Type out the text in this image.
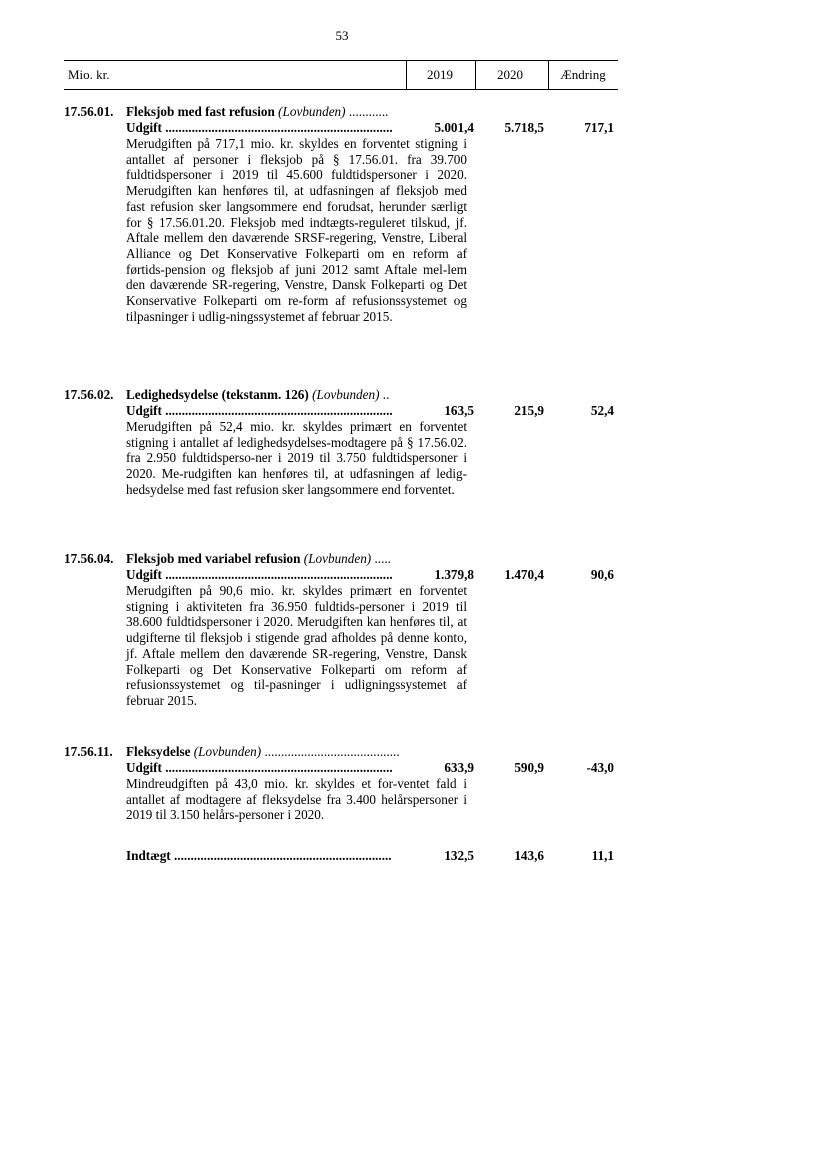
53
Mio. kr.	2019	2020	Ændring
17.56.01. Fleksjob med fast refusion (Lovbunden) ............
Udgift .....................................................................	5.001,4	5.718,5	717,1
Merudgiften på 717,1 mio. kr. skyldes en forventet stigning i antallet af personer i fleksjob på § 17.56.01. fra 39.700 fuldtidspersoner i 2019 til 45.600 fuldtidspersoner i 2020. Merudgiften kan henføres til, at udfasningen af fleksjob med fast refusion sker langsommere end forudsat, herunder særligt for § 17.56.01.20. Fleksjob med indtægts-reguleret tilskud, jf. Aftale mellem den daværende SRSF-regering, Venstre, Liberal Alliance og Det Konservative Folkeparti om en reform af førtids-pension og fleksjob af juni 2012 samt Aftale mel-lem den daværende SR-regering, Venstre, Dansk Folkeparti og Det Konservative Folkeparti om re-form af refusionssystemet og tilpasninger i udlig-ningssystemet af februar 2015.
17.56.02. Ledighedsydelse (tekstanm. 126) (Lovbunden) ..
Udgift .....................................................................	163,5	215,9	52,4
Merudgiften på 52,4 mio. kr. skyldes primært en forventet stigning i antallet af ledighedsydelses-modtagere på § 17.56.02. fra 2.950 fuldtidsperso-ner i 2019 til 3.750 fuldtidspersoner i 2020. Me-rudgiften kan henføres til, at udfasningen af ledig-hedsydelse med fast refusion sker langsommere end forventet.
17.56.04. Fleksjob med variabel refusion (Lovbunden) .....
Udgift .....................................................................	1.379,8	1.470,4	90,6
Merudgiften på 90,6 mio. kr. skyldes primært en forventet stigning i aktiviteten fra 36.950 fuldtids-personer i 2019 til 38.600 fuldtidspersoner i 2020. Merudgiften kan henføres til, at udgifterne til fleksjob i stigende grad afholdes på denne konto, jf. Aftale mellem den daværende SR-regering, Venstre, Dansk Folkeparti og Det Konservative Folkeparti om reform af refusionssystemet og til-pasninger i udligningssystemet af februar 2015.
17.56.11. Fleksydelse (Lovbunden) .........................................
Udgift .....................................................................	633,9	590,9	-43,0
Mindreudgiften på 43,0 mio. kr. skyldes et for-ventet fald i antallet af modtagere af fleksydelse fra 3.400 helårspersoner i 2019 til 3.150 helårs-personer i 2020.
Indtægt ..................................................................	132,5	143,6	11,1
